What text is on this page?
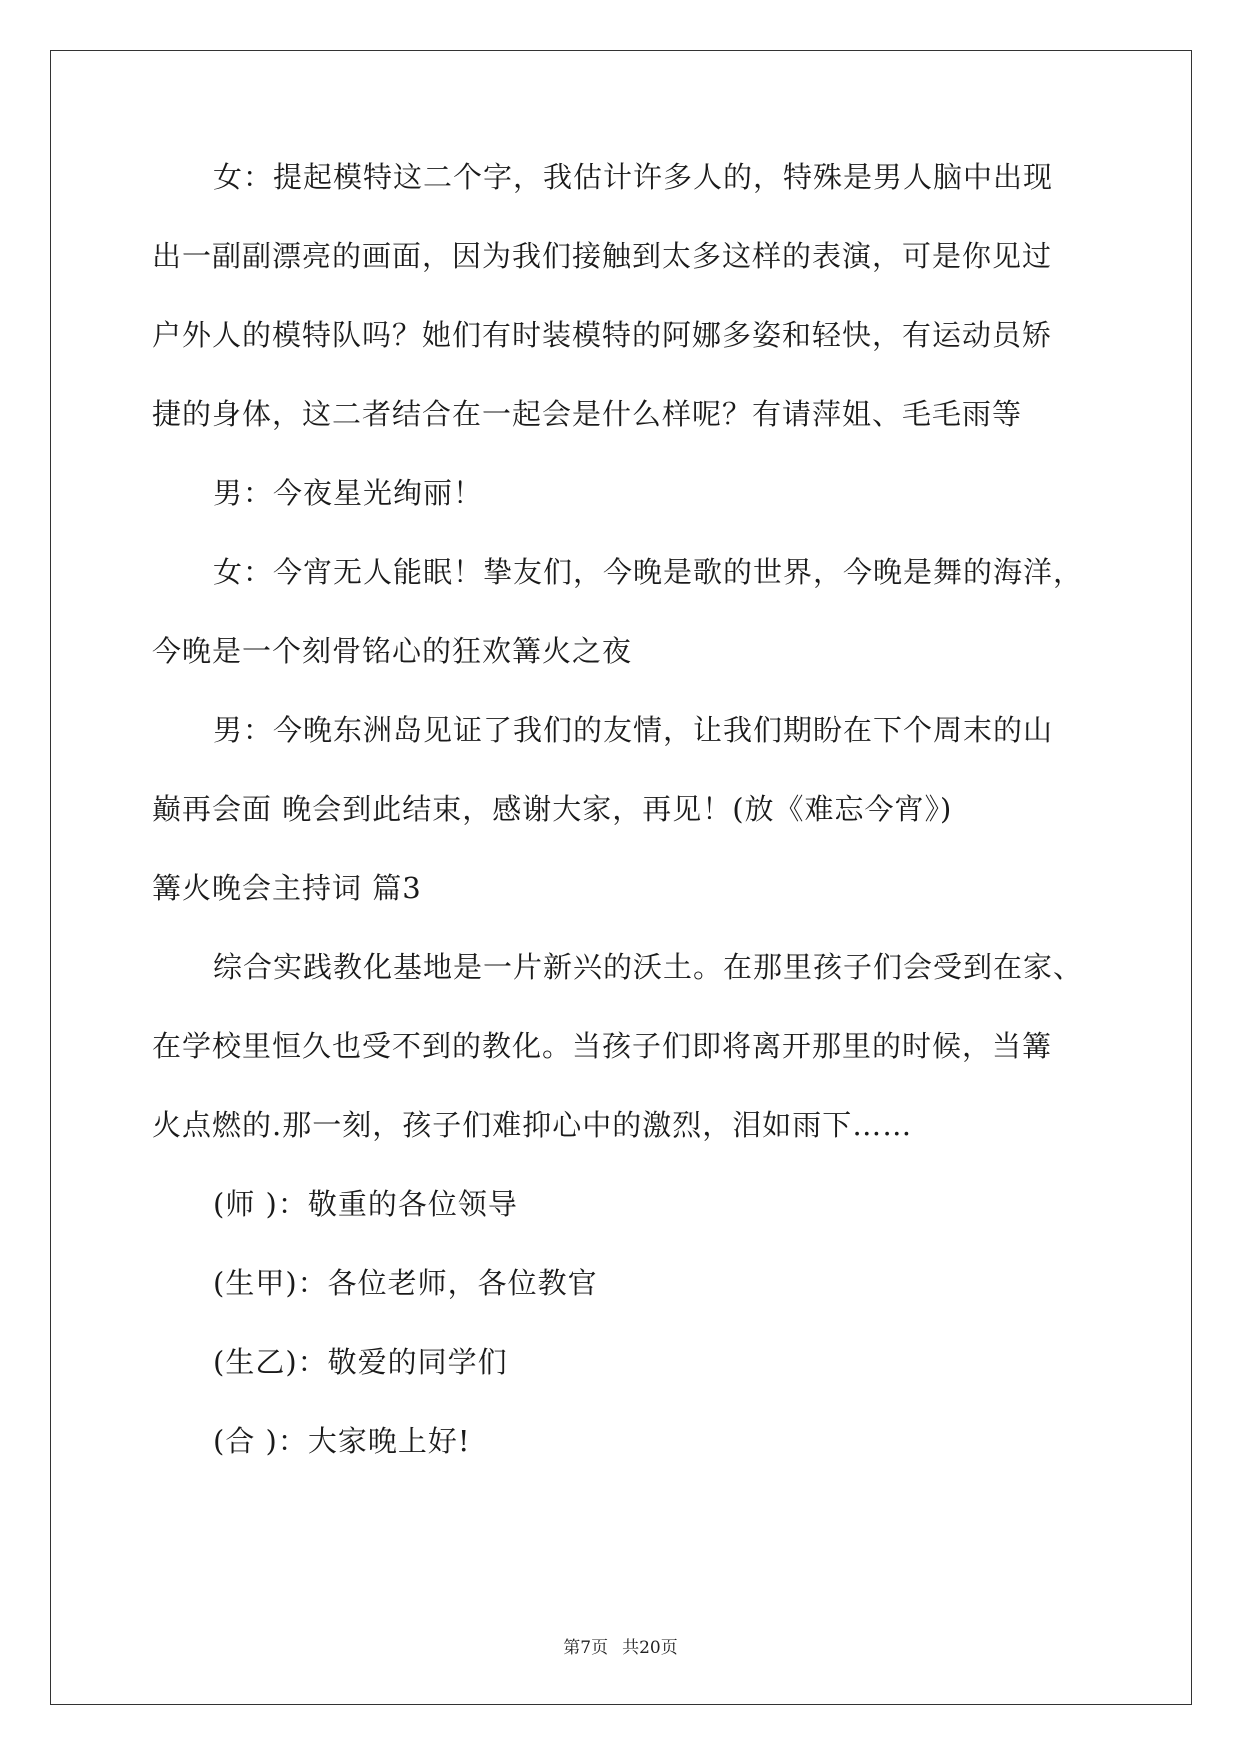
女：提起模特这二个字，我估计许多人的，特殊是男人脑中出现
出一副副漂亮的画面，因为我们接触到太多这样的表演，可是你见过
户外人的模特队吗？她们有时装模特的阿娜多姿和轻快，有运动员矫
捷的身体，这二者结合在一起会是什么样呢？有请萍姐、毛毛雨等
男：今夜星光绚丽！
女：今宵无人能眠！挚友们，今晚是歌的世界，今晚是舞的海洋，
今晚是一个刻骨铭心的狂欢篝火之夜
男：今晚东洲岛见证了我们的友情，让我们期盼在下个周末的山
巅再会面 晚会到此结束，感谢大家，再见！(放《难忘今宵》)
篝火晚会主持词 篇3
综合实践教化基地是一片新兴的沃土。在那里孩子们会受到在家、
在学校里恒久也受不到的教化。当孩子们即将离开那里的时候，当篝
火点燃的.那一刻，孩子们难抑心中的激烈，泪如雨下……
(师 )：敬重的各位领导
(生甲)：各位老师，各位教官
(生乙)：敬爱的同学们
(合 )：大家晚上好!
第7页 共20页
